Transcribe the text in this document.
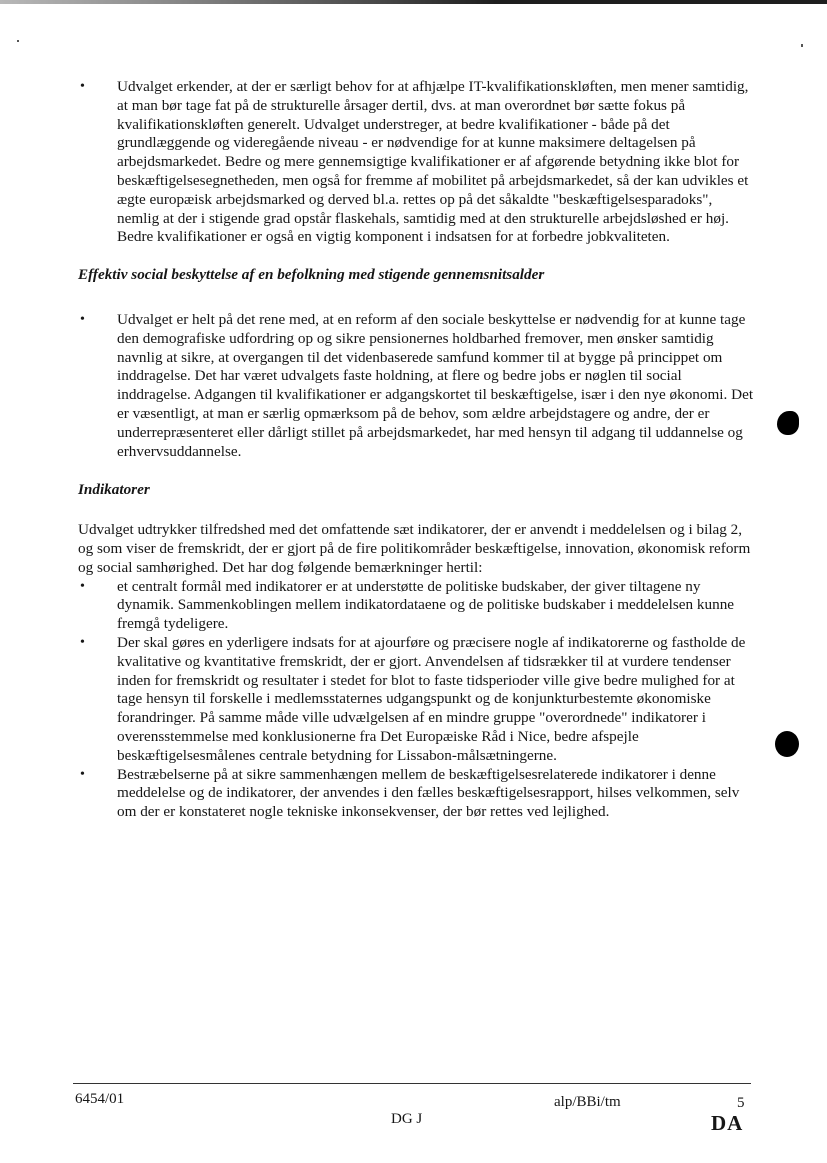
• Udvalget erkender, at der er særligt behov for at afhjælpe IT-kvalifikationskløften, men mener samtidig, at man bør tage fat på de strukturelle årsager dertil, dvs. at man overordnet bør sætte fokus på kvalifikationskløften generelt. Udvalget understreger, at bedre kvalifikationer - både på det grundlæggende og videregående niveau - er nødvendige for at kunne maksimere deltagelsen på arbejdsmarkedet. Bedre og mere gennemsigtige kvalifikationer er af afgørende betydning ikke blot for beskæftigelsesegnetheden, men også for fremme af mobilitet på arbejdsmarkedet, så der kan udvikles et ægte europæisk arbejdsmarked og derved bl.a. rettes op på det såkaldte "beskæftigelsesparadoks", nemlig at der i stigende grad opstår flaskehals, samtidig med at den strukturelle arbejdsløshed er høj. Bedre kvalifikationer er også en vigtig komponent i indsatsen for at forbedre jobkvaliteten.

Effektiv social beskyttelse af en befolkning med stigende gennemsnitsalder

• Udvalget er helt på det rene med, at en reform af den sociale beskyttelse er nødvendig for at kunne tage den demografiske udfordring op og sikre pensionernes holdbarhed fremover, men ønsker samtidig navnlig at sikre, at overgangen til det videnbaserede samfund kommer til at bygge på princippet om inddragelse. Det har været udvalgets faste holdning, at flere og bedre jobs er nøglen til social inddragelse. Adgangen til kvalifikationer er adgangskortet til beskæftigelse, især i den nye økonomi. Det er væsentligt, at man er særlig opmærksom på de behov, som ældre arbejdstagere og andre, der er underrepræsenteret eller dårligt stillet på arbejdsmarkedet, har med hensyn til adgang til uddannelse og erhvervsuddannelse.

Indikatorer

Udvalget udtrykker tilfredshed med det omfattende sæt indikatorer, der er anvendt i meddelelsen og i bilag 2, og som viser de fremskridt, der er gjort på de fire politikområder beskæftigelse, innovation, økonomisk reform og social samhørighed. Det har dog følgende bemærkninger hertil:

• et centralt formål med indikatorer er at understøtte de politiske budskaber, der giver tiltagene ny dynamik. Sammenkoblingen mellem indikatordataene og de politiske budskaber i meddelelsen kunne fremgå tydeligere.
• Der skal gøres en yderligere indsats for at ajourføre og præcisere nogle af indikatorerne og fastholde de kvalitative og kvantitative fremskridt, der er gjort. Anvendelsen af tidsrækker til at vurdere tendenser inden for fremskridt og resultater i stedet for blot to faste tidsperioder ville give bedre mulighed for at tage hensyn til forskelle i medlemsstaternes udgangspunkt og de konjunkturbestemte økonomiske forandringer. På samme måde ville udvælgelsen af en mindre gruppe "overordnede" indikatorer i overensstemmelse med konklusionerne fra Det Europæiske Råd i Nice, bedre afspejle beskæftigelsesmålenes centrale betydning for Lissabon-målsætningerne.
• Bestræbelserne på at sikre sammenhængen mellem de beskæftigelsesrelaterede indikatorer i denne meddelelse og de indikatorer, der anvendes i den fælles beskæftigelsesrapport, hilses velkommen, selv om der er konstateret nogle tekniske inkonsekvenser, der bør rettes ved lejlighed.
6454/01	alp/BBi/tm	5
DG J	DA
